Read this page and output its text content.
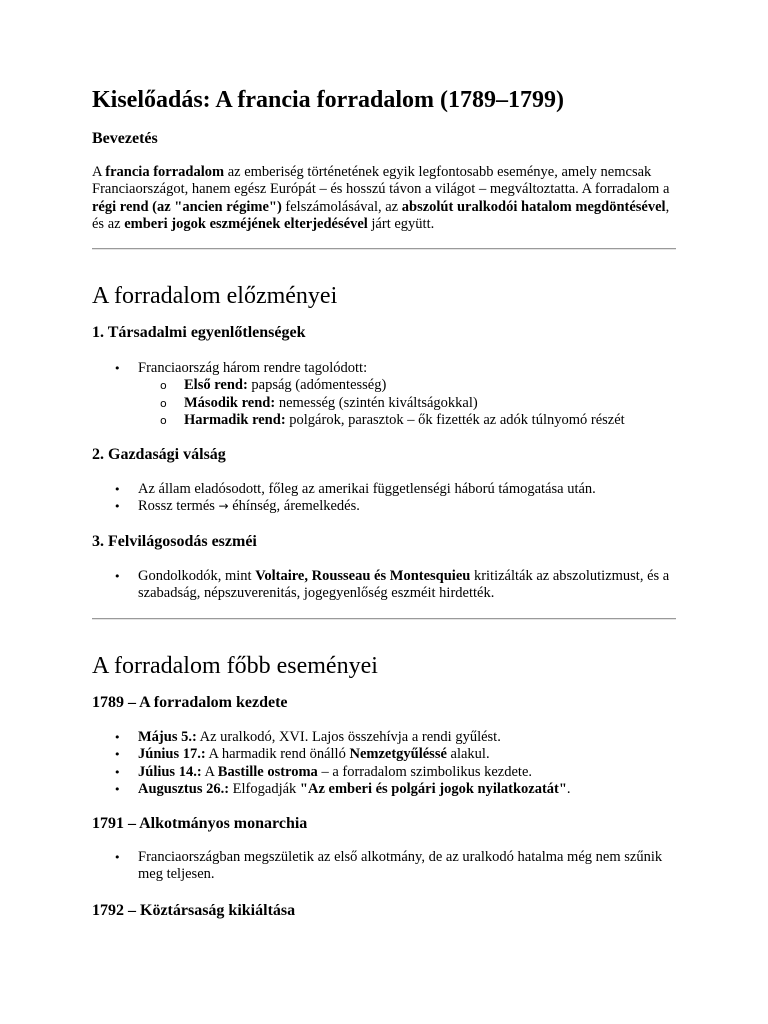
Kiselőadás: A francia forradalom (1789–1799)
Bevezetés

A francia forradalom az emberiség történetének egyik legfontosabb eseménye, amely nemcsak Franciaországot, hanem egész Európát – és hosszú távon a világot – megváltoztatta. A forradalom a régi rend (az "ancien régime") felszámolásával, az abszolút uralkodói hatalom megdöntésével, és az emberi jogok eszméjének elterjedésével járt együtt.

A forradalom előzményei
1. Társadalmi egyenlőtlenségek
• Franciaország három rendre tagolódott:
o Első rend: papság (adómentesség)
o Második rend: nemesség (szintén kiváltságokkal)
o Harmadik rend: polgárok, parasztok – ők fizették az adók túlnyomó részét
2. Gazdasági válság
• Az állam eladósodott, főleg az amerikai függetlenségi háború támogatása után.
• Rossz termés → éhínség, áremelkedés.
3. Felvilágosodás eszméi
• Gondolkodók, mint Voltaire, Rousseau és Montesquieu kritizálták az abszolutizmust, és a szabadság, népszuverenitás, jogegyenlőség eszméit hirdették.
A forradalom főbb eseményei
1789 – A forradalom kezdete
• Május 5.: Az uralkodó, XVI. Lajos összehívja a rendi gyűlést.
• Június 17.: A harmadik rend önálló Nemzetgyűléssé alakul.
• Július 14.: A Bastille ostroma – a forradalom szimbolikus kezdete.
• Augusztus 26.: Elfogadják "Az emberi és polgári jogok nyilatkozatát".
1791 – Alkotmányos monarchia
• Franciaországban megszületik az első alkotmány, de az uralkodó hatalma még nem szűnik meg teljesen.
1792 – Köztársaság kikiáltása
